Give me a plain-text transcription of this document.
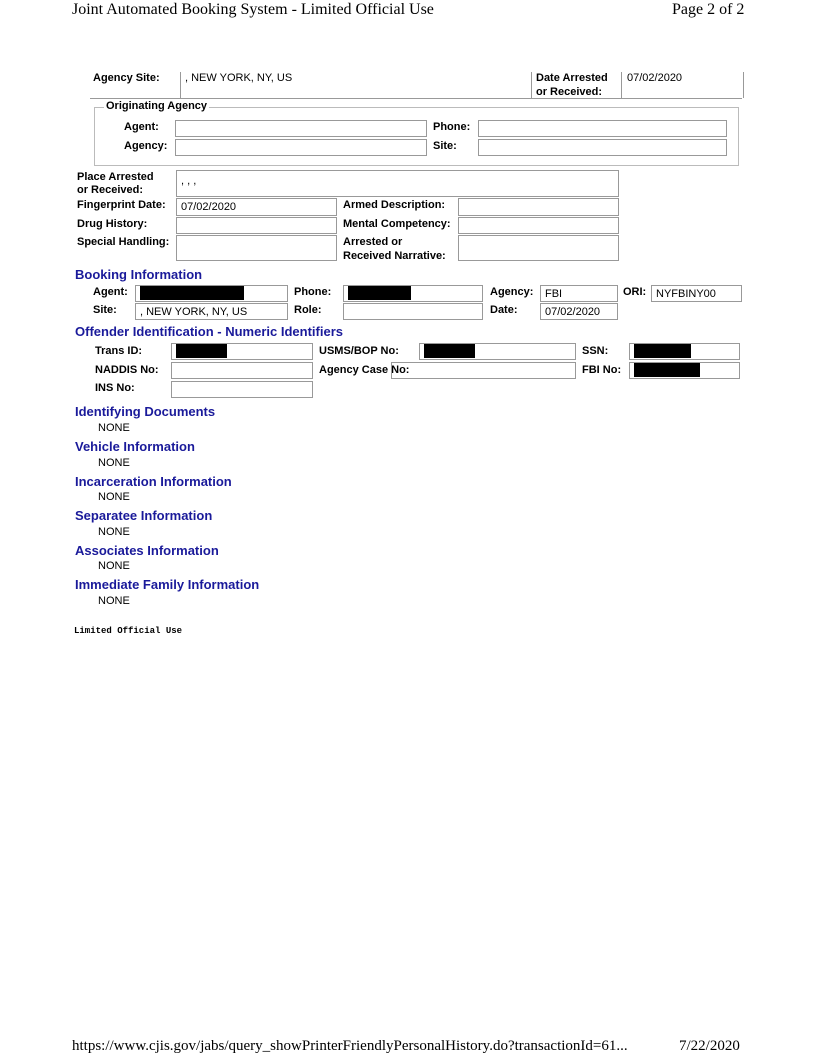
Joint Automated Booking System - Limited Official Use	Page 2 of 2
Agency Site: , NEW YORK, NY, US	Date Arrested
or Received:
07/02/2020
Originating Agency
Agent:	Phone:
Agency:	Site:
Place Arrested
or Received:
, , ,
Fingerprint Date:	07/02/2020	Armed Description:
Drug History:	Mental Competency:
Special Handling:	Arrested or
Received Narrative:
Booking Information
Agent:	Phone:	Agency:	FBI	ORI: NYFBINY00
Site:	, NEW YORK, NY, US	Role:	Date:	07/02/2020
Offender Identification - Numeric Identifiers
Trans ID:	USMS/BOP No:	SSN:
NADDIS No:	Agency Case No:	FBI No:
INS No:
Identifying Documents
NONE
Vehicle Information
NONE
Incarceration Information
NONE
Separatee Information
NONE
Associates Information
NONE
Immediate Family Information
NONE
Limited Official Use
https://www.cjis.gov/jabs/query_showPrinterFriendlyPersonalHistory.do?transactionId=61...	7/22/2020
